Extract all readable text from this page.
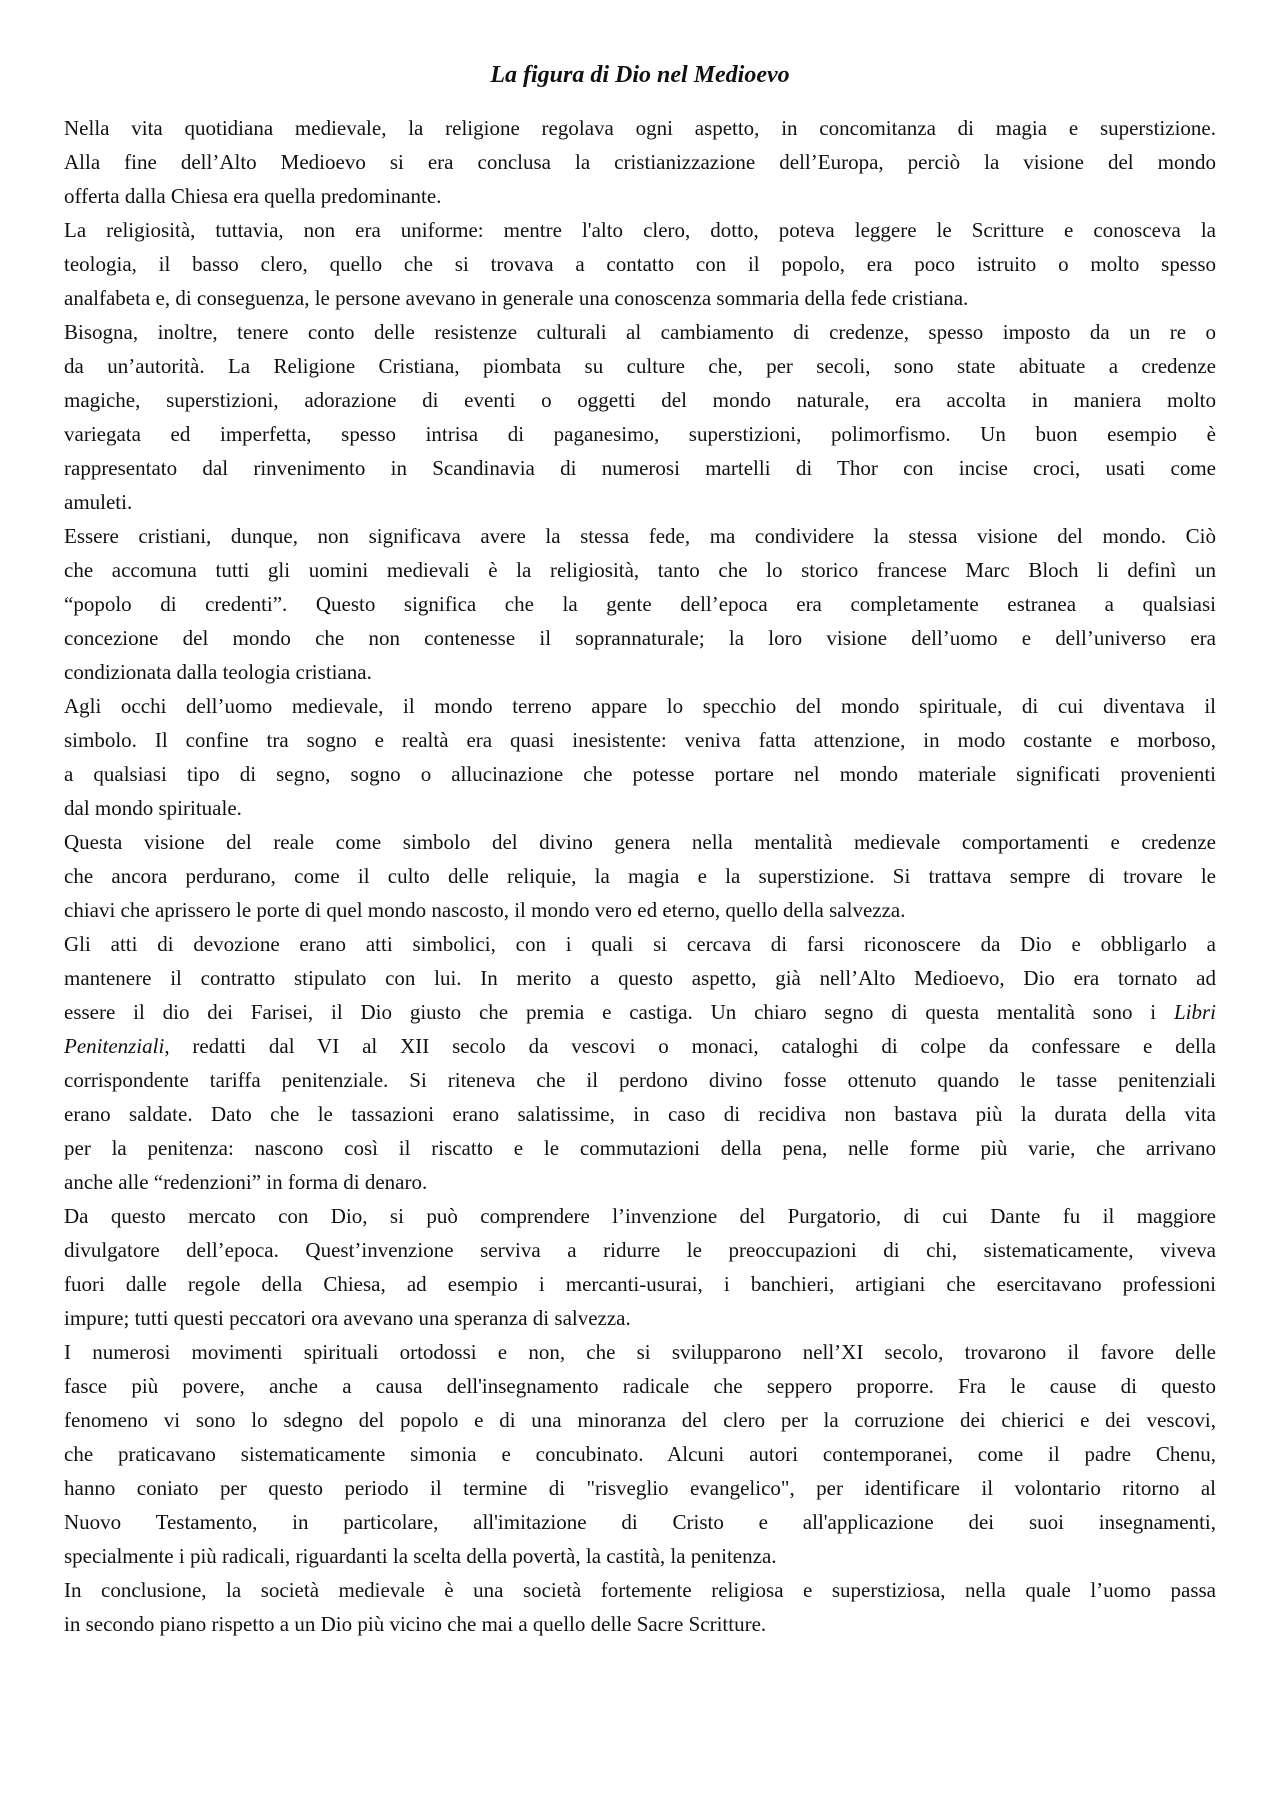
La figura di Dio nel Medioevo

Nella vita quotidiana medievale, la religione regolava ogni aspetto, in concomitanza di magia e superstizione.
Alla fine dell’Alto Medioevo si era conclusa la cristianizzazione dell’Europa, perciò la visione del mondo
offerta dalla Chiesa era quella predominante.

La religiosità, tuttavia, non era uniforme: mentre l'alto clero, dotto, poteva leggere le Scritture e conosceva la
teologia, il basso clero, quello che si trovava a contatto con il popolo, era poco istruito o molto spesso
analfabeta e, di conseguenza, le persone avevano in generale una conoscenza sommaria della fede cristiana.

Bisogna, inoltre, tenere conto delle resistenze culturali al cambiamento di credenze, spesso imposto da un re o
da un’autorità. La Religione Cristiana, piombata su culture che, per secoli, sono state abituate a credenze
magiche, superstizioni, adorazione di eventi o oggetti del mondo naturale, era accolta in maniera molto
variegata ed imperfetta, spesso intrisa di paganesimo, superstizioni, polimorfismo. Un buon esempio è
rappresentato dal rinvenimento in Scandinavia di numerosi martelli di Thor con incise croci, usati come
amuleti.

Essere cristiani, dunque, non significava avere la stessa fede, ma condividere la stessa visione del mondo. Ciò
che accomuna tutti gli uomini medievali è la religiosità, tanto che lo storico francese Marc Bloch li definì un
“popolo di credenti”. Questo significa che la gente dell’epoca era completamente estranea a qualsiasi
concezione del mondo che non contenesse il soprannaturale; la loro visione dell’uomo e dell’universo era
condizionata dalla teologia cristiana.

Agli occhi dell’uomo medievale, il mondo terreno appare lo specchio del mondo spirituale, di cui diventava il
simbolo. Il confine tra sogno e realtà era quasi inesistente: veniva fatta attenzione, in modo costante e morboso,
a qualsiasi tipo di segno, sogno o allucinazione che potesse portare nel mondo materiale significati provenienti
dal mondo spirituale.

Questa visione del reale come simbolo del divino genera nella mentalità medievale comportamenti e credenze
che ancora perdurano, come il culto delle reliquie, la magia e la superstizione. Si trattava sempre di trovare le
chiavi che aprissero le porte di quel mondo nascosto, il mondo vero ed eterno, quello della salvezza.

Gli atti di devozione erano atti simbolici, con i quali si cercava di farsi riconoscere da Dio e obbligarlo a
mantenere il contratto stipulato con lui. In merito a questo aspetto, già nell’Alto Medioevo, Dio era tornato ad
essere il dio dei Farisei, il Dio giusto che premia e castiga. Un chiaro segno di questa mentalità sono i Libri
Penitenziali, redatti dal VI al XII secolo da vescovi o monaci, cataloghi di colpe da confessare e della
corrispondente tariffa penitenziale. Si riteneva che il perdono divino fosse ottenuto quando le tasse penitenziali
erano saldate. Dato che le tassazioni erano salatissime, in caso di recidiva non bastava più la durata della vita
per la penitenza: nascono così il riscatto e le commutazioni della pena, nelle forme più varie, che arrivano
anche alle “redenzioni” in forma di denaro.

Da questo mercato con Dio, si può comprendere l’invenzione del Purgatorio, di cui Dante fu il maggiore
divulgatore dell’epoca. Quest’invenzione serviva a ridurre le preoccupazioni di chi, sistematicamente, viveva
fuori dalle regole della Chiesa, ad esempio i mercanti-usurai, i banchieri, artigiani che esercitavano professioni
impure; tutti questi peccatori ora avevano una speranza di salvezza.

I numerosi movimenti spirituali ortodossi e non, che si svilupparono nell’XI secolo, trovarono il favore delle
fasce più povere, anche a causa dell'insegnamento radicale che seppero proporre. Fra le cause di questo
fenomeno vi sono lo sdegno del popolo e di una minoranza del clero per la corruzione dei chierici e dei vescovi,
che praticavano sistematicamente simonia e concubinato. Alcuni autori contemporanei, come il padre Chenu,
hanno coniato per questo periodo il termine di "risveglio evangelico", per identificare il volontario ritorno al
Nuovo Testamento, in particolare, all'imitazione di Cristo e all'applicazione dei suoi insegnamenti,
specialmente i più radicali, riguardanti la scelta della povertà, la castità, la penitenza.

In conclusione, la società medievale è una società fortemente religiosa e superstiziosa, nella quale l’uomo passa
in secondo piano rispetto a un Dio più vicino che mai a quello delle Sacre Scritture.
